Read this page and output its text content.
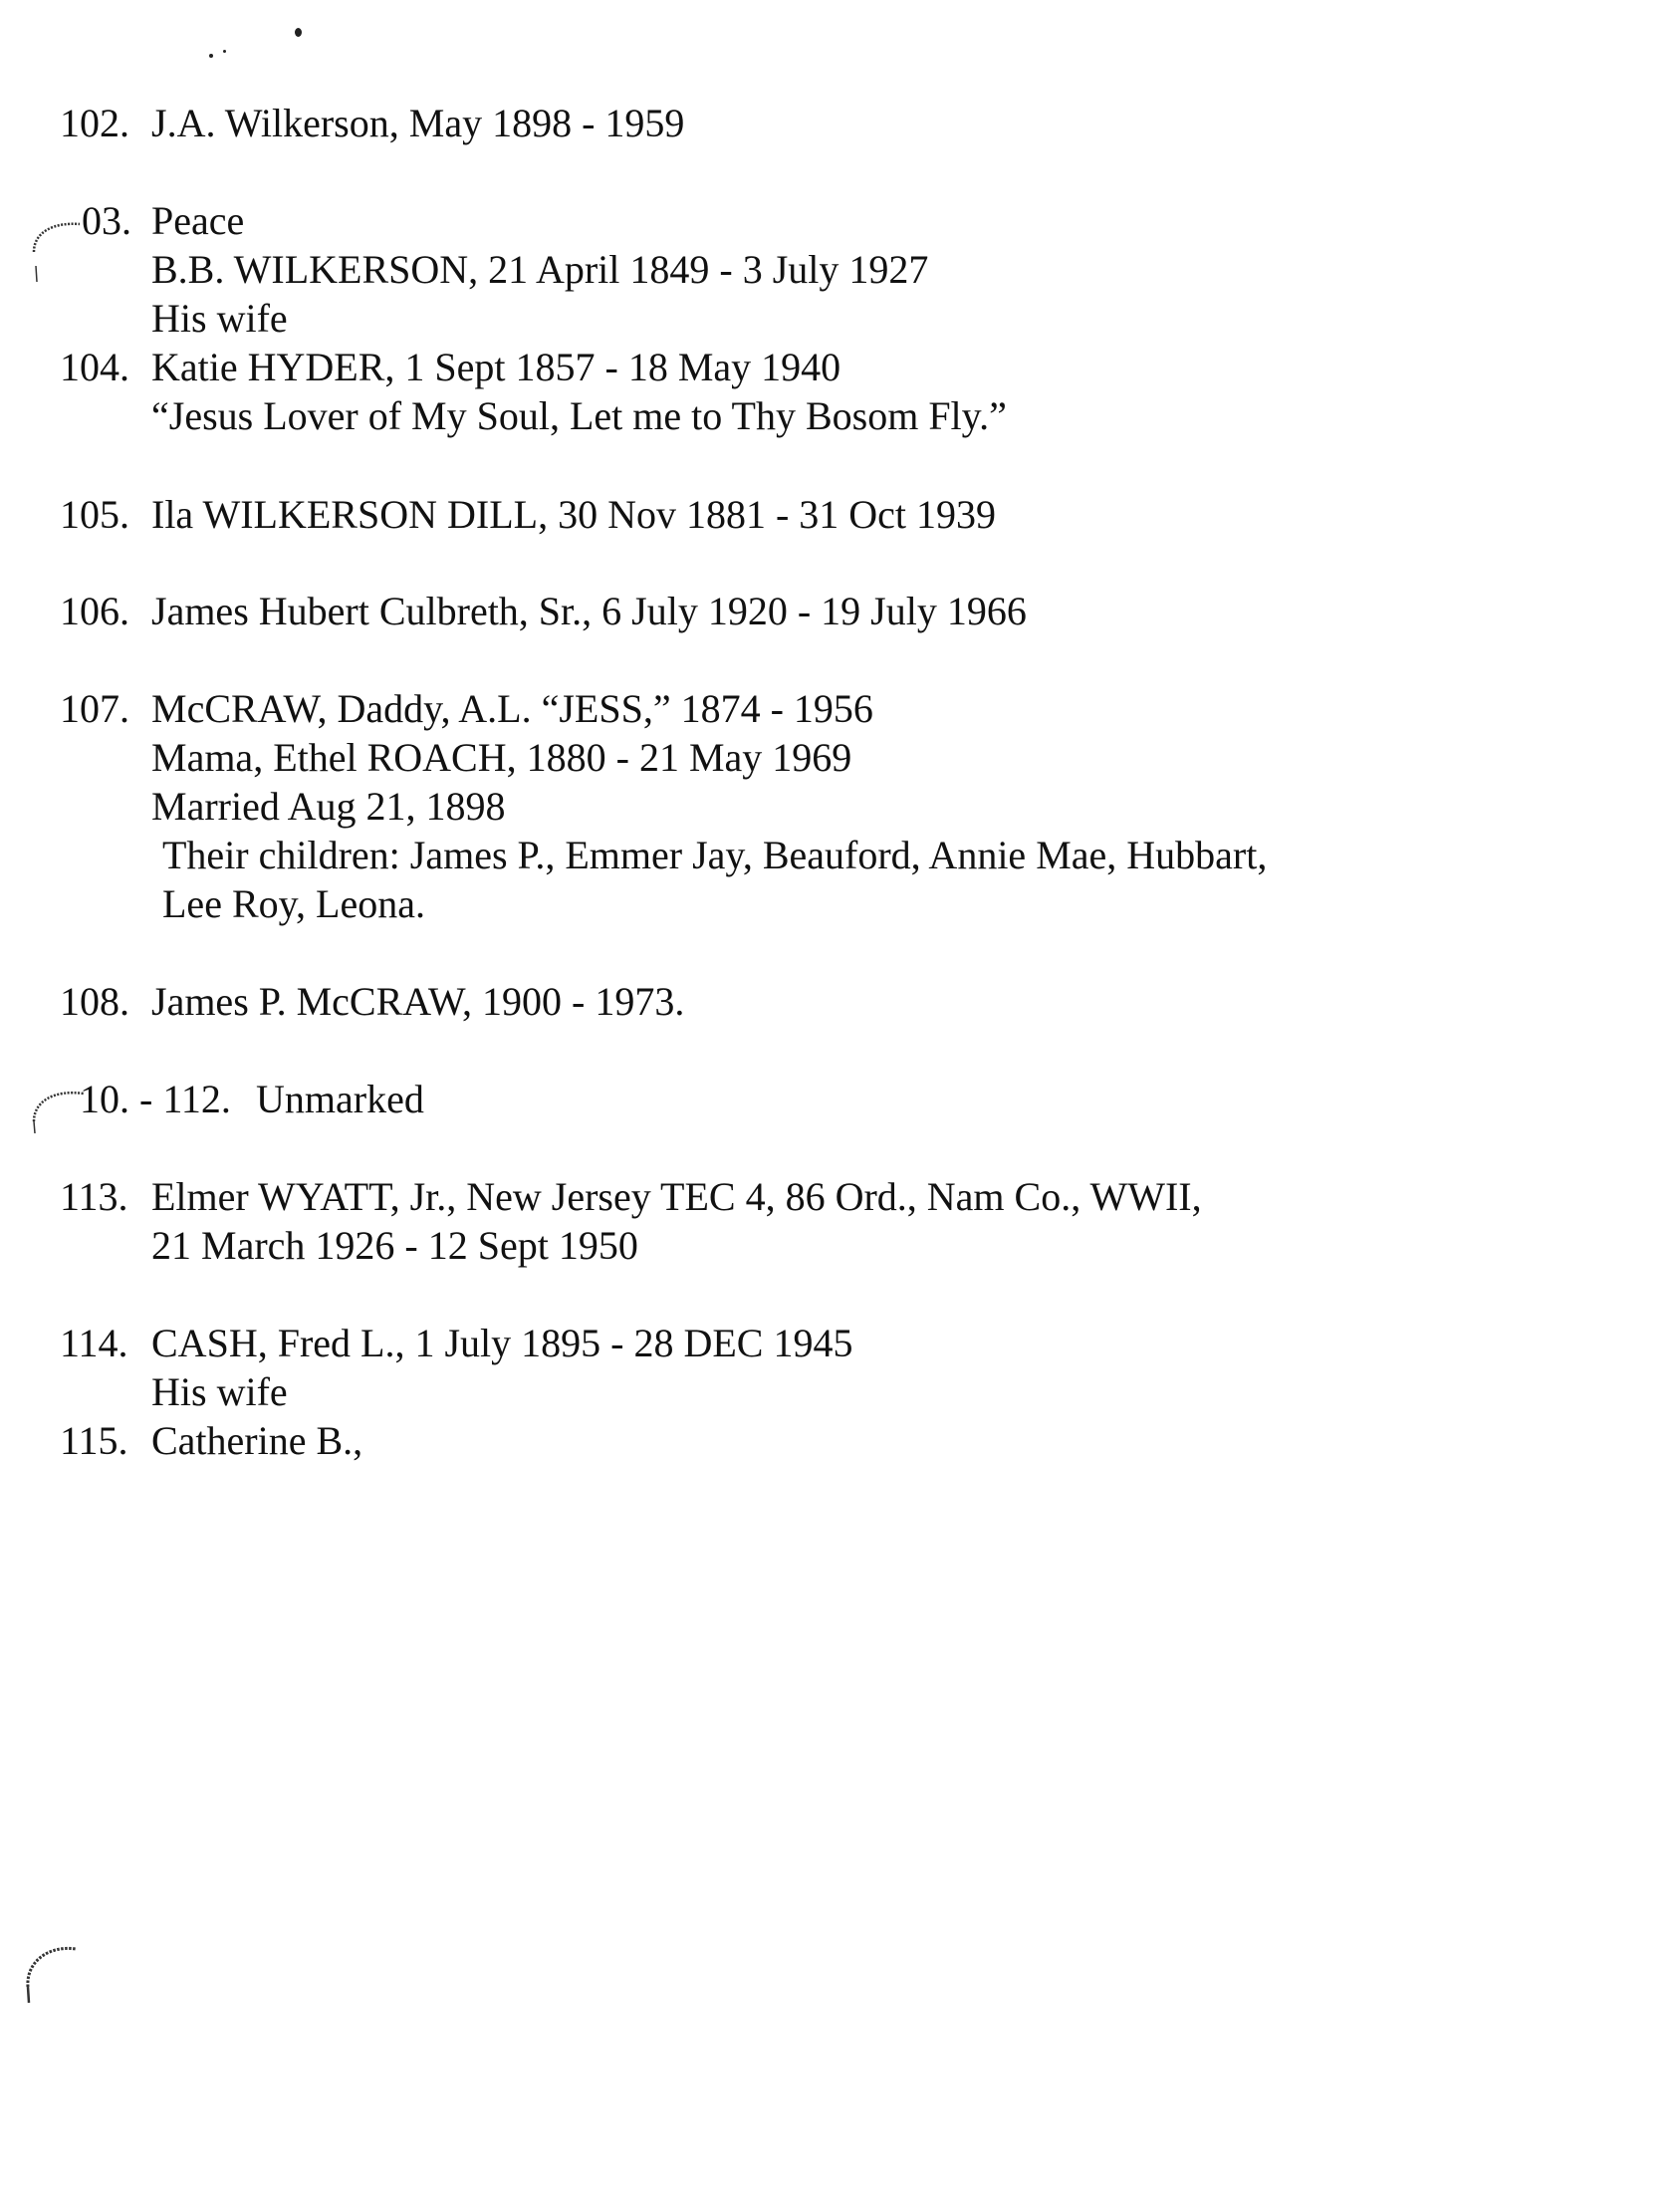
102. J.A. Wilkerson, May 1898 - 1959
03. Peace
B.B. WILKERSON, 21 April 1849 - 3 July 1927
His wife
104. Katie HYDER, 1 Sept 1857 - 18 May 1940
“Jesus Lover of My Soul, Let me to Thy Bosom Fly.”
105. Ila WILKERSON DILL, 30 Nov 1881 - 31 Oct 1939
106. James Hubert Culbreth, Sr., 6 July 1920 - 19 July 1966
107. McCRAW, Daddy, A.L. “JESS,” 1874 - 1956
Mama, Ethel ROACH, 1880 - 21 May 1969
Married Aug 21, 1898
Their children: James P., Emmer Jay, Beauford, Annie Mae, Hubbart,
Lee Roy, Leona.
108. James P. McCRAW, 1900 - 1973.
10. - 112. Unmarked
113. Elmer WYATT, Jr., New Jersey TEC 4, 86 Ord., Nam Co., WWII,
21 March 1926 - 12 Sept 1950
114. CASH, Fred L., 1 July 1895 - 28 DEC 1945
His wife
115. Catherine B.,
